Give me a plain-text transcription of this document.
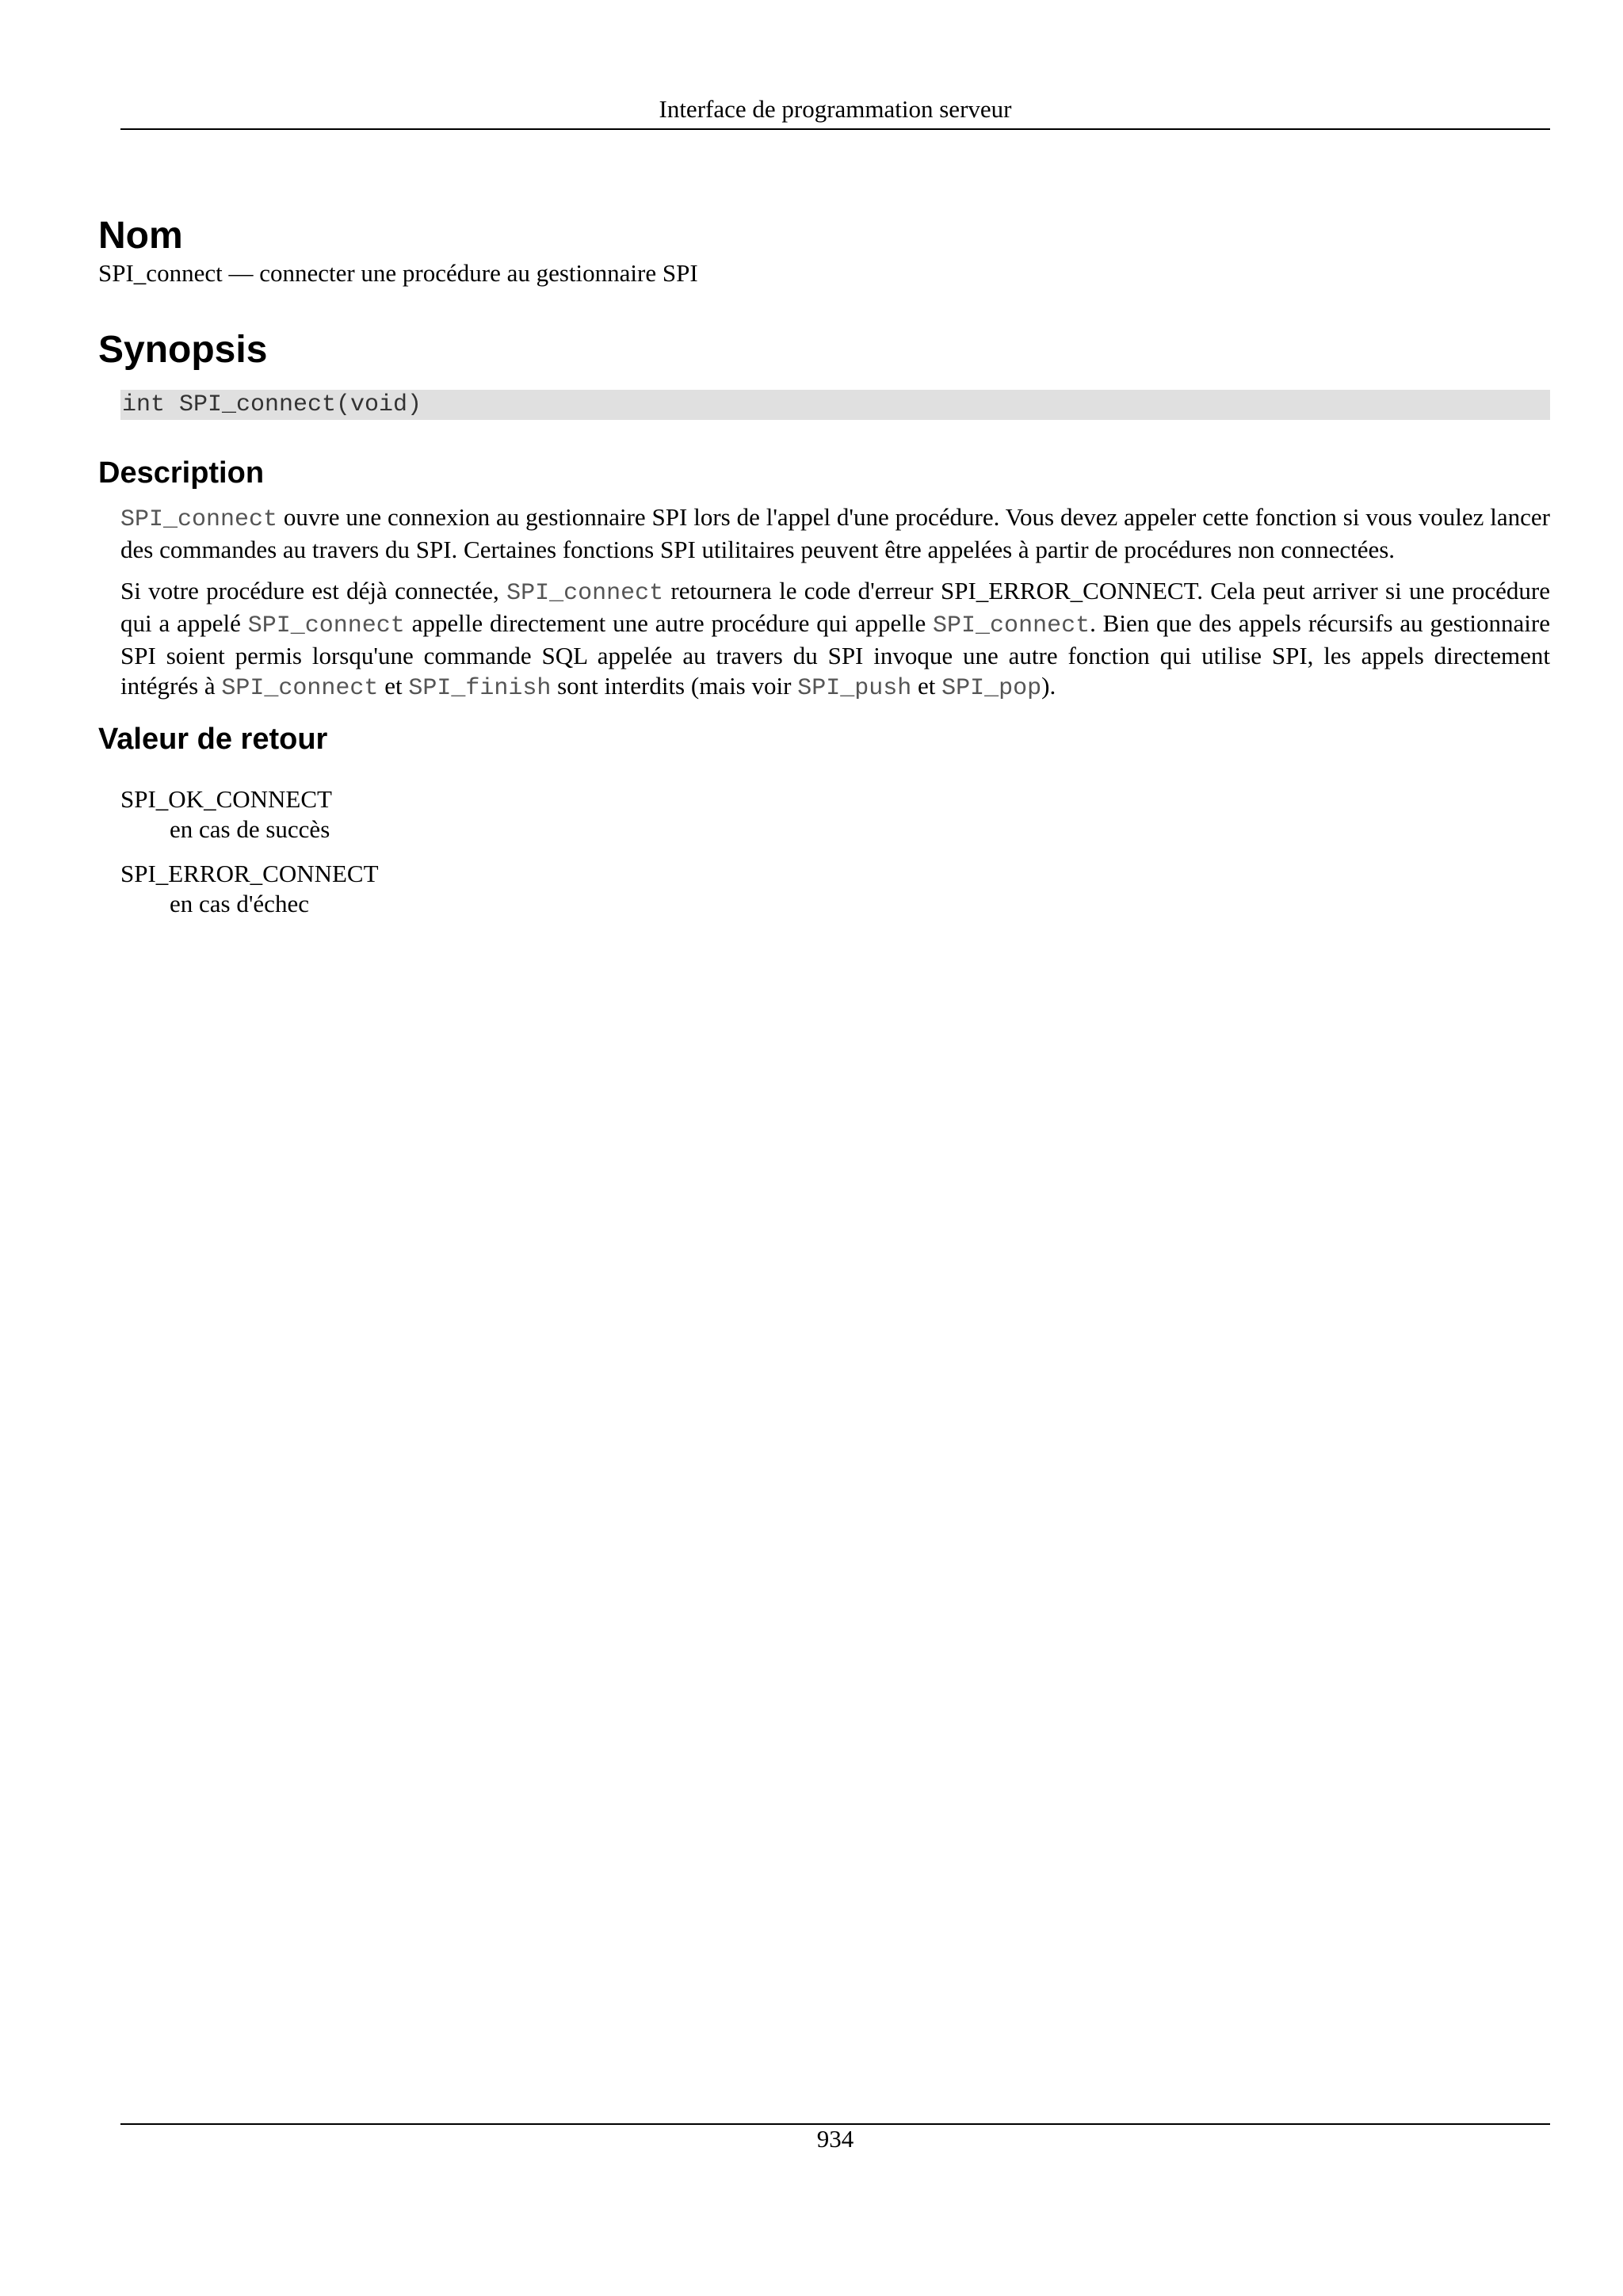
Interface de programmation serveur
Nom

SPI_connect — connecter une procédure au gestionnaire SPI

Synopsis
int SPI_connect(void)
Description

SPI_connect ouvre une connexion au gestionnaire SPI lors de l'appel d'une procédure. Vous devez appeler cette fonction si vous voulez lancer des commandes au travers du SPI. Certaines fonctions SPI utilitaires peuvent être appelées à partir de procédures non connectées.

Si votre procédure est déjà connectée, SPI_connect retournera le code d'erreur SPI_ERROR_CONNECT. Cela peut arriver si une procédure qui a appelé SPI_connect appelle directement une autre procédure qui appelle SPI_connect. Bien que des appels récursifs au gestionnaire SPI soient permis lorsqu'une commande SQL appelée au travers du SPI invoque une autre fonction qui utilise SPI, les appels directement intégrés à SPI_connect et SPI_finish sont interdits (mais voir SPI_push et SPI_pop).

Valeur de retour

SPI_OK_CONNECT

en cas de succès

SPI_ERROR_CONNECT

en cas d'échec

934
